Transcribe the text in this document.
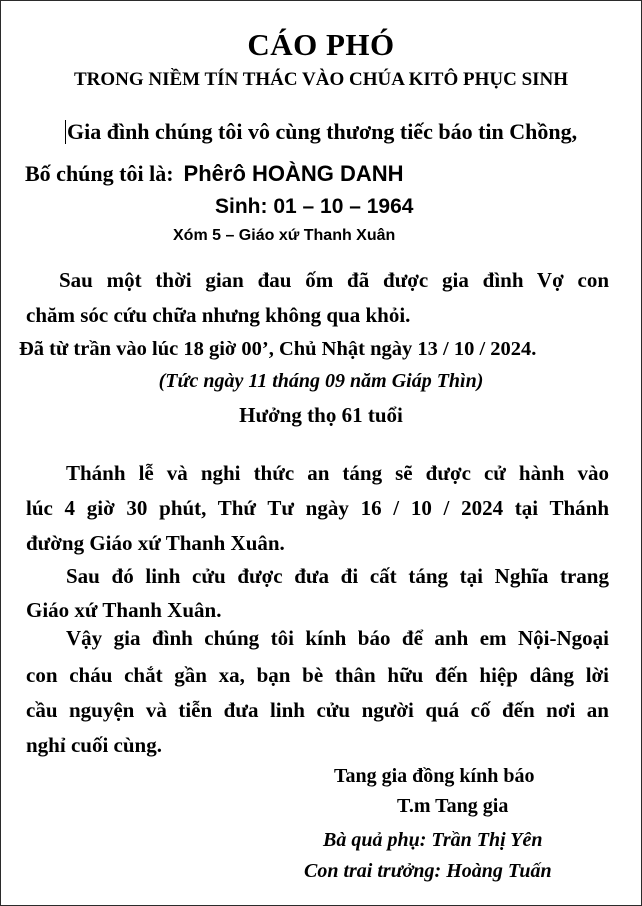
CÁO PHÓ
TRONG NIỀM TÍN THÁC VÀO CHÚA KITÔ PHỤC SINH
Gia đình chúng tôi vô cùng thương tiếc báo tin Chồng,
Bố chúng tôi là: Phêrô HOÀNG DANH
Sinh: 01 – 10 – 1964
Xóm 5 – Giáo xứ Thanh Xuân
Sau một thời gian đau ốm đã được gia đình Vợ con
chăm sóc cứu chữa nhưng không qua khỏi.
Đã từ trần vào lúc 18 giờ 00’, Chủ Nhật ngày 13 / 10 / 2024.
(Tức ngày 11 tháng 09 năm Giáp Thìn)
Hưởng thọ 61 tuổi
Thánh lễ và nghi thức an táng sẽ được cử hành vào
lúc 4 giờ 30 phút, Thứ Tư ngày 16 / 10 / 2024 tại Thánh
đường Giáo xứ Thanh Xuân.
Sau đó linh cửu được đưa đi cất táng tại Nghĩa trang
Giáo xứ Thanh Xuân.
Vậy gia đình chúng tôi kính báo để anh em Nội-Ngoại
con cháu chắt gần xa, bạn bè thân hữu đến hiệp dâng lời
cầu nguyện và tiễn đưa linh cửu người quá cố đến nơi an
nghỉ cuối cùng.
Tang gia đồng kính báo
T.m Tang gia
Bà quả phụ: Trần Thị Yên
Con trai trưởng: Hoàng Tuấn
